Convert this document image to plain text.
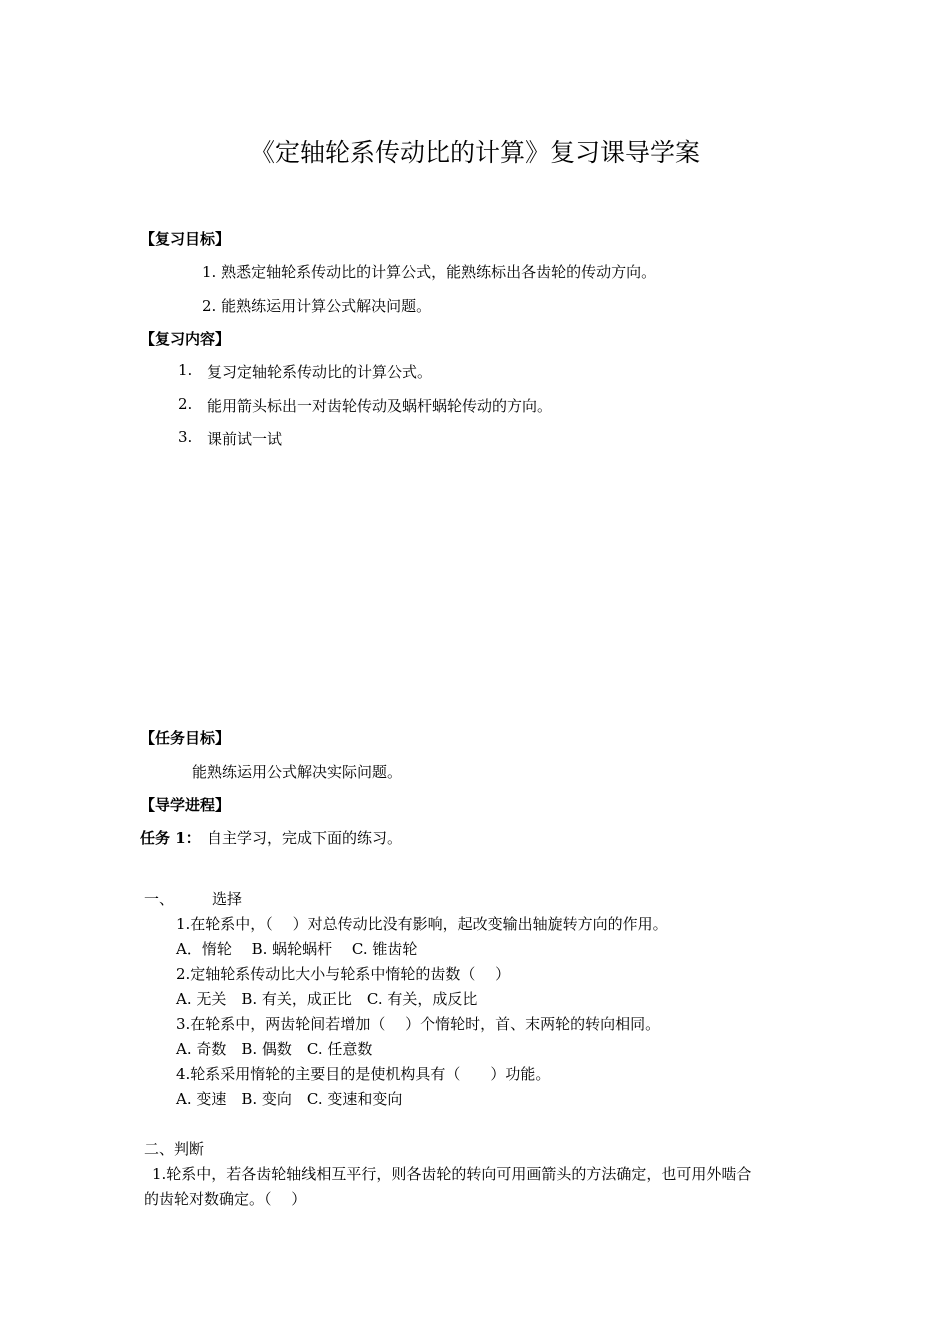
《定轴轮系传动比的计算》复习课导学案
【复习目标】
1. 熟悉定轴轮系传动比的计算公式，能熟练标出各齿轮的传动方向。
2. 能熟练运用计算公式解决问题。
【复习内容】
1. 复习定轴轮系传动比的计算公式。
2. 能用箭头标出一对齿轮传动及蜗杆蜗轮传动的方向。
3. 课前试一试
【任务目标】
能熟练运用公式解决实际问题。
【导学进程】
任务 1： 自主学习，完成下面的练习。
一、	选择
1.在轮系中，（　 ）对总传动比没有影响，起改变输出轴旋转方向的作用。
A．惰轮　 B. 蜗轮蜗杆　 C. 锥齿轮
2.定轴轮系传动比大小与轮系中惰轮的齿数（　 ）
A. 无关　B. 有关，成正比　C. 有关，成反比
3.在轮系中，两齿轮间若增加（　 ）个惰轮时，首、末两轮的转向相同。
A. 奇数　B. 偶数　C. 任意数
4.轮系采用惰轮的主要目的是使机构具有（　　）功能。
A. 变速　B. 变向　C. 变速和变向
二、判断
1.轮系中，若各齿轮轴线相互平行，则各齿轮的转向可用画箭头的方法确定，也可用外啮合
的齿轮对数确定。（　 ）
